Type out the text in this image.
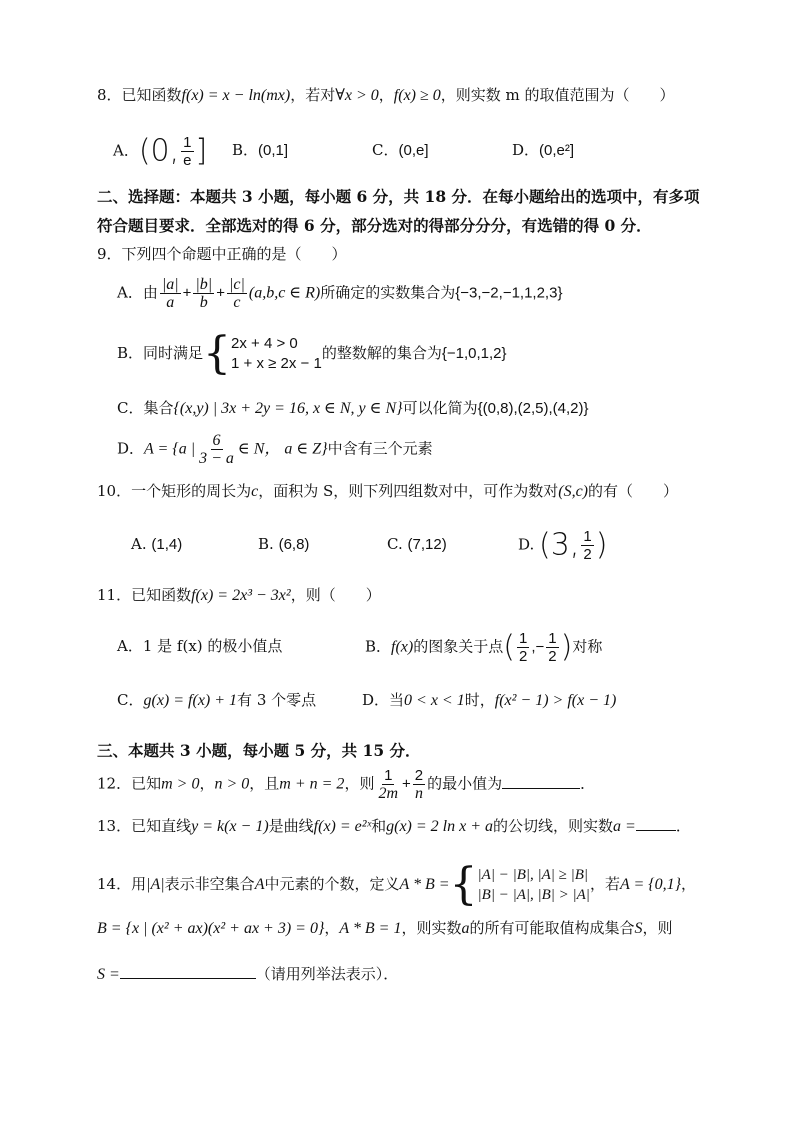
8．已知函数f(x) = x − ln(mx)，若对∀x > 0，f(x) ≥ 0，则实数 m 的取值范围为（　　）
A．(0, $\frac{1}{e}$ ] B．(0,1]	C．(0,e]	D．(0,e²]
二、选择题：本题共 3 小题，每小题 6 分，共 18 分．在每小题给出的选项中，有多项
符合题目要求．全部选对的得 6 分，部分选对的得部分分分，有选错的得 0 分．
9．下列四个命题中正确的是（　　）
A．由 $\frac{|a|}{a} + \frac{|b|}{b} + \frac{|c|}{c} (a,b,c$ ∈ R)所确定的实数集合为{−3,−2,−1,1,2,3}
B．同时满足 { 2x + 4 > 0
1 + x ≥ 2x − 1
的整数解的集合为{−1,0,1,2}
C．集合{(x,y) | 3x + 2y = 16, x ∈ N, y ∈ N}可以化简为{(0,8),(2,5),(4,2)}
D．A = {a | $\frac{6}{3 - a}$ ∈ N， a ∈ Z}中含有三个元素
10．一个矩形的周长为c，面积为 S，则下列四组数对中，可作为数对(S,c)的有（　　）
A. (1,4)	B. (6,8)	C. (7,12)	D. (3, $\frac{1}{2}$ )
11．已知函数f(x) = 2x³ − 3x²，则（　　）
A．1 是 f(x) 的极小值点	B．f(x)的图象关于点( $\frac{1}{2}$ ,− $\frac{1}{2}$ )对称
C．g(x) = f(x) + 1有 3 个零点	D．当0 < x < 1时，f(x² − 1) > f(x − 1)
三、本题共 3 小题，每小题 5 分，共 15 分．
12．已知m > 0，n > 0，且m + n = 2，则 $\frac{1}{2m} + \frac{2}{n}$ 的最小值为	．
13．已知直线y = k(x − 1)是曲线f(x) = e²ˣ和g(x) = 2 ln x + a的公切线，则实数a =	．
14．用|A|表示非空集合A中元素的个数，定义A * B = { |A| − |B|, |A| ≥ |B|
|B| − |A|, |B| > |A|
，若A = {0,1}，
B = {x | (x² + ax)(x² + ax + 3) = 0}，A * B = 1，则实数a的所有可能取值构成集合S，则
S =	（请用列举法表示）．
